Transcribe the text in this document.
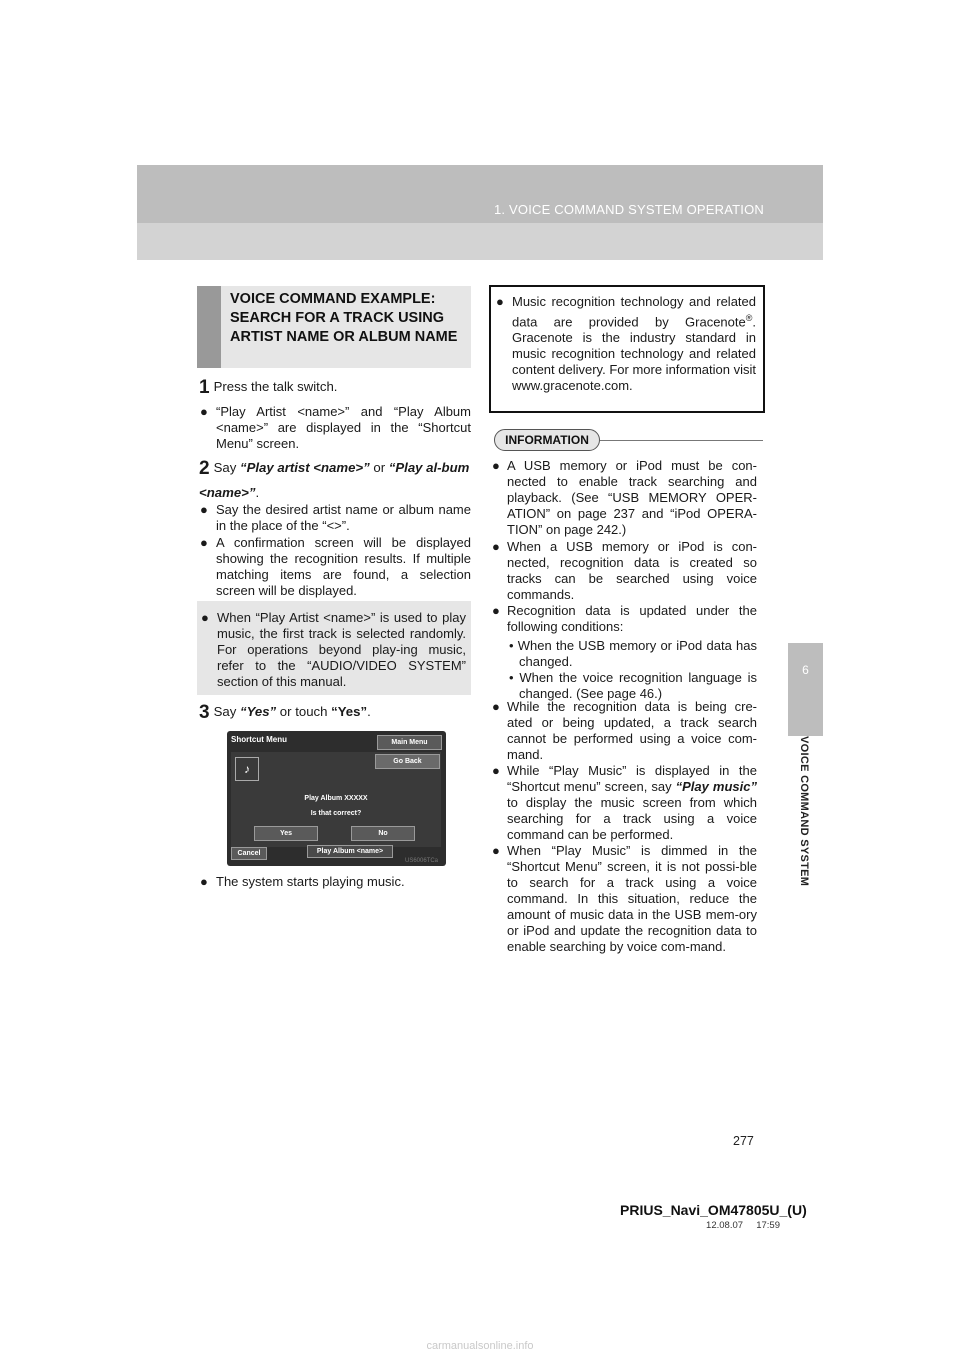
1. VOICE COMMAND SYSTEM OPERATION
6
VOICE COMMAND SYSTEM
VOICE COMMAND EXAMPLE: SEARCH FOR A TRACK USING ARTIST NAME OR ALBUM NAME
1 Press the talk switch.
● “Play Artist <name>” and “Play Album <name>” are displayed in the “Shortcut Menu” screen.
2 Say “Play artist <name>” or “Play al-bum <name>”.
● Say the desired artist name or album name in the place of the “<>”.
● A confirmation screen will be displayed showing the recognition results. If multiple matching items are found, a selection screen will be displayed.
● When “Play Artist <name>” is used to play music, the first track is selected randomly. For operations beyond play-ing music, refer to the “AUDIO/VIDEO SYSTEM” section of this manual.
3 Say “Yes” or touch “Yes”.
Shortcut Menu	Main Menu
Go Back
♪
Play Album XXXXX
Is that correct?
Yes	No
Cancel	Play Album <name>
US6006TCa
● The system starts playing music.
● Music recognition technology and related data are provided by Gracenote®. Gracenote is the industry standard in music recognition technology and related content delivery. For more information visit www.gracenote.com.
INFORMATION
● A USB memory or iPod must be con-nected to enable track searching and playback. (See “USB MEMORY OPER-ATION” on page 237 and “iPod OPERA-TION” on page 242.)
● When a USB memory or iPod is con-nected, recognition data is created so tracks can be searched using voice commands.
● Recognition data is updated under the following conditions:
• When the USB memory or iPod data has changed.
• When the voice recognition language is changed. (See page 46.)
● While the recognition data is being cre-ated or being updated, a track search cannot be performed using a voice com-mand.
● While “Play Music” is displayed in the “Shortcut menu” screen, say “Play music” to display the music screen from which searching for a track using a voice command can be performed.
● When “Play Music” is dimmed in the “Shortcut Menu” screen, it is not possi-ble to search for a track using a voice command. In this situation, reduce the amount of music data in the USB mem-ory or iPod and update the recognition data to enable searching by voice com-mand.
277
PRIUS_Navi_OM47805U_(U)
12.08.07     17:59
carmanualsonline.info
